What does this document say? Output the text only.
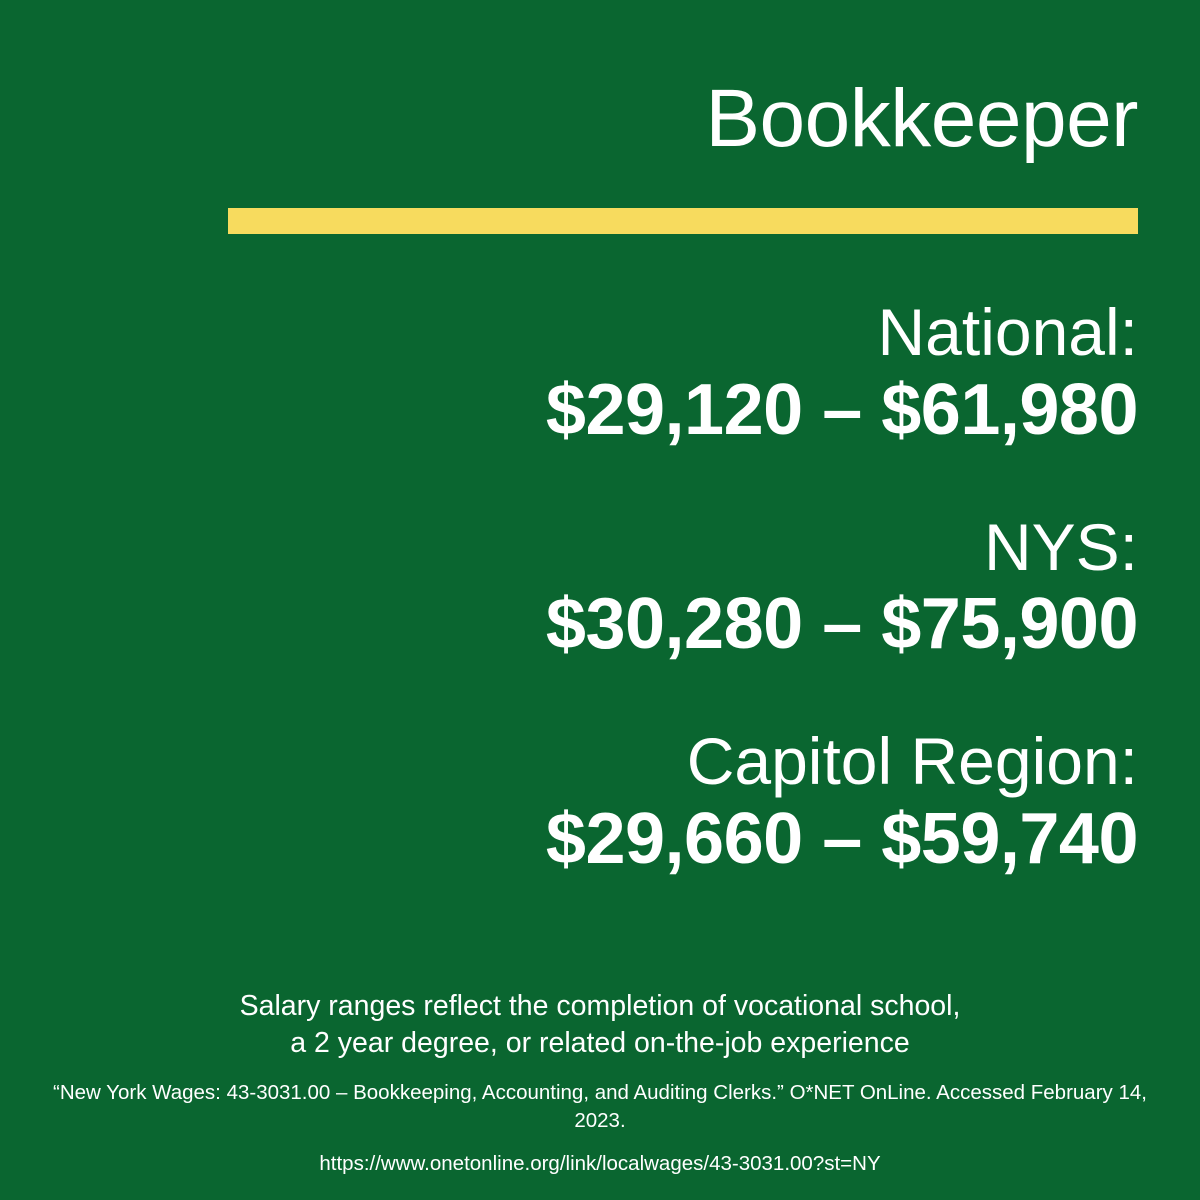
Bookkeeper
National:
$29,120 – $61,980
NYS:
$30,280 – $75,900
Capitol Region:
$29,660 – $59,740
Salary ranges reflect the completion of vocational school,
a 2 year degree, or related on-the-job experience
“New York Wages: 43-3031.00 – Bookkeeping, Accounting, and Auditing Clerks.” O*NET OnLine. Accessed February 14, 2023.
https://www.onetonline.org/link/localwages/43-3031.00?st=NY
